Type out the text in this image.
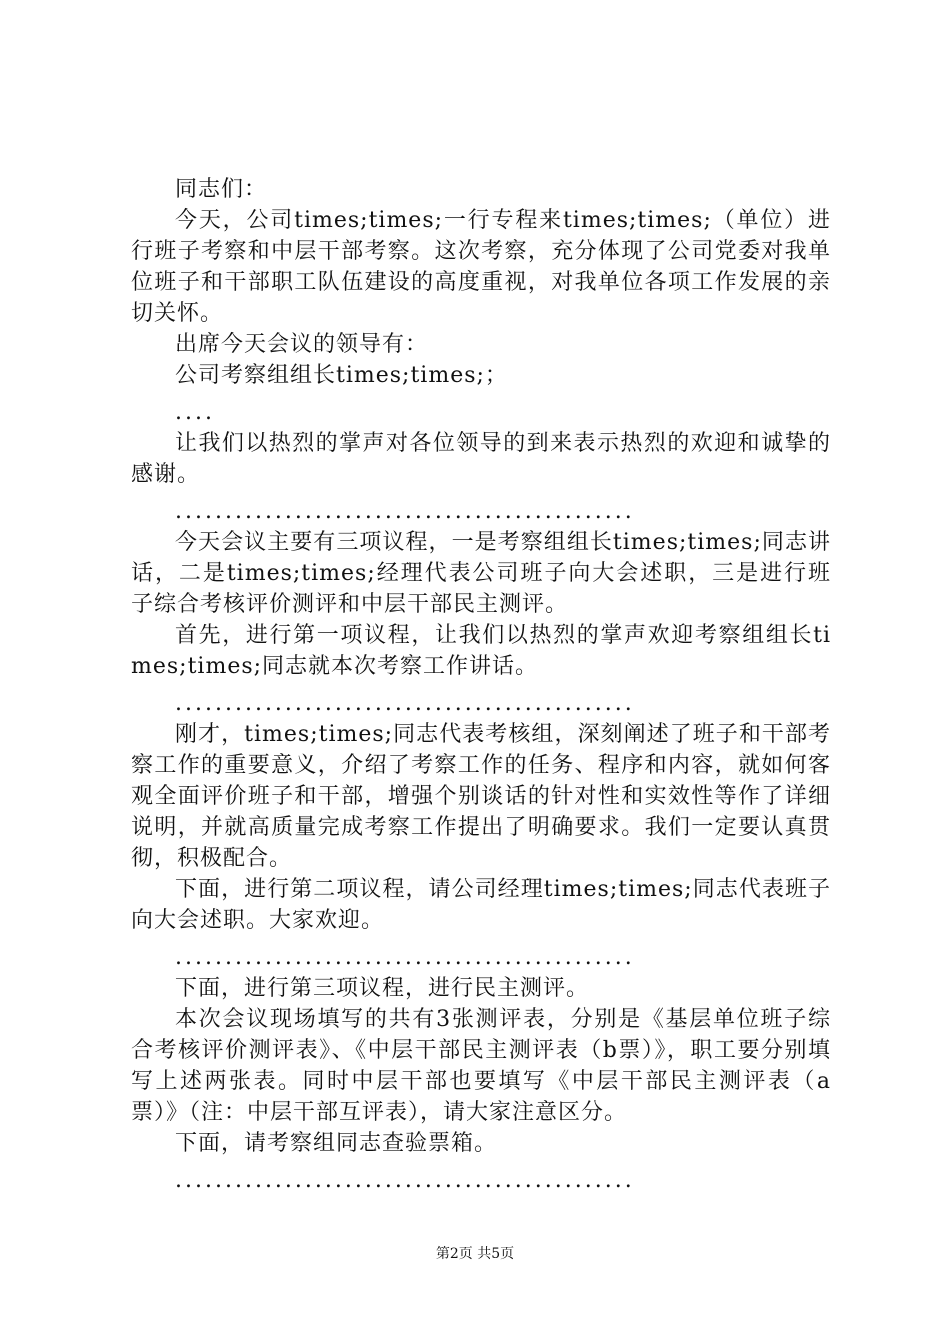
同志们：

今天，公司times;times;一行专程来times;times;（单位）进行班子考察和中层干部考察。这次考察，充分体现了公司党委对我单位班子和干部职工队伍建设的高度重视，对我单位各项工作发展的亲切关怀。

出席今天会议的领导有：

公司考察组组长times;times;；

....

让我们以热烈的掌声对各位领导的到来表示热烈的欢迎和诚挚的感谢。

..............................................

今天会议主要有三项议程，一是考察组组长times;times;同志讲话，二是times;times;经理代表公司班子向大会述职，三是进行班子综合考核评价测评和中层干部民主测评。

首先，进行第一项议程，让我们以热烈的掌声欢迎考察组组长times;times;同志就本次考察工作讲话。

..............................................

刚才，times;times;同志代表考核组，深刻阐述了班子和干部考察工作的重要意义，介绍了考察工作的任务、程序和内容，就如何客观全面评价班子和干部，增强个别谈话的针对性和实效性等作了详细说明，并就高质量完成考察工作提出了明确要求。我们一定要认真贯彻，积极配合。

下面，进行第二项议程，请公司经理times;times;同志代表班子向大会述职。大家欢迎。

..............................................

下面，进行第三项议程，进行民主测评。

本次会议现场填写的共有3张测评表，分别是《基层单位班子综合考核评价测评表》、《中层干部民主测评表（b票）》，职工要分别填写上述两张表。同时中层干部也要填写《中层干部民主测评表（a票）》（注：中层干部互评表），请大家注意区分。

下面，请考察组同志查验票箱。

..............................................

第2页 共5页
